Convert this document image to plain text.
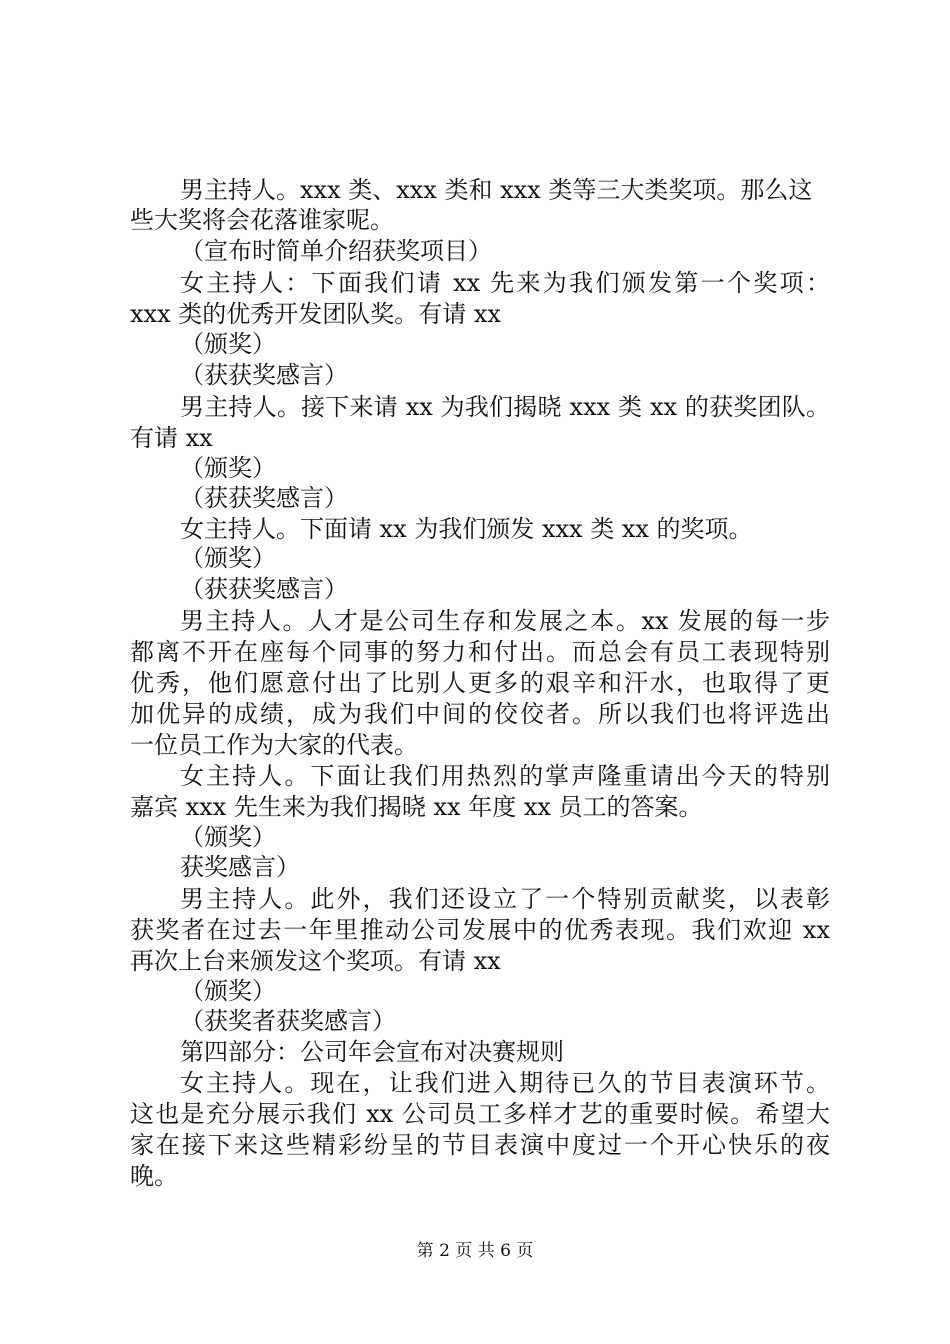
男主持人。xxx 类、xxx 类和 xxx 类等三大类奖项。那么这
些大奖将会花落谁家呢。
（宣布时简单介绍获奖项目）
女主持人：下面我们请 xx 先来为我们颁发第一个奖项：
xxx 类的优秀开发团队奖。有请 xx
（颁奖）
（获获奖感言）
男主持人。接下来请 xx 为我们揭晓 xxx 类 xx 的获奖团队。
有请 xx
（颁奖）
（获获奖感言）
女主持人。下面请 xx 为我们颁发 xxx 类 xx 的奖项。
（颁奖）
（获获奖感言）
男主持人。人才是公司生存和发展之本。xx 发展的每一步
都离不开在座每个同事的努力和付出。而总会有员工表现特别
优秀，他们愿意付出了比别人更多的艰辛和汗水，也取得了更
加优异的成绩，成为我们中间的佼佼者。所以我们也将评选出
一位员工作为大家的代表。
女主持人。下面让我们用热烈的掌声隆重请出今天的特别
嘉宾 xxx 先生来为我们揭晓 xx 年度 xx 员工的答案。
（颁奖）
获奖感言）
男主持人。此外，我们还设立了一个特别贡献奖，以表彰
获奖者在过去一年里推动公司发展中的优秀表现。我们欢迎 xx
再次上台来颁发这个奖项。有请 xx
（颁奖）
（获奖者获奖感言）
第四部分：公司年会宣布对决赛规则
女主持人。现在，让我们进入期待已久的节目表演环节。
这也是充分展示我们 xx 公司员工多样才艺的重要时候。希望大
家在接下来这些精彩纷呈的节目表演中度过一个开心快乐的夜
晚。
第 2 页 共 6 页
